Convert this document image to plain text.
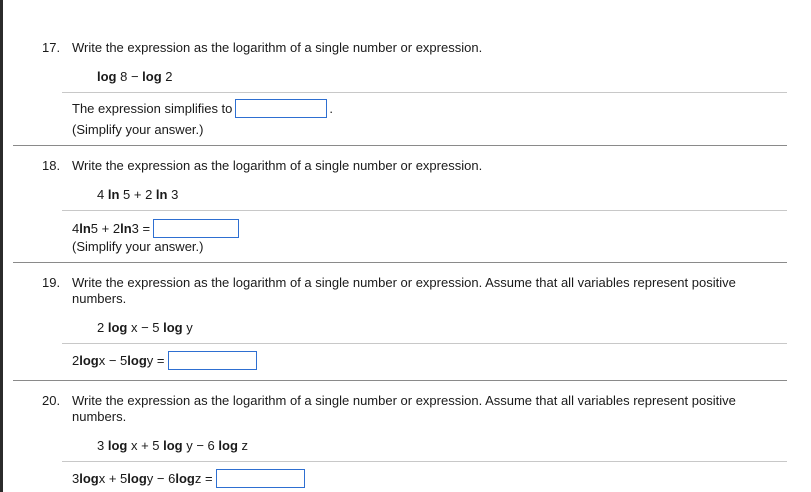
17. Write the expression as the logarithm of a single number or expression.
log 8 − log 2
The expression simplifies to	.
(Simplify your answer.)
18. Write the expression as the logarithm of a single number or expression.
4 ln 5 + 2 ln 3
4 ln 5 + 2 ln 3 =
(Simplify your answer.)
19. Write the expression as the logarithm of a single number or expression. Assume that all variables represent positive numbers.
2 log x − 5 log y
2 log x − 5 log y =
20. Write the expression as the logarithm of a single number or expression. Assume that all variables represent positive numbers.
3 log x + 5 log y − 6 log z
3 log x + 5 log y − 6 log z =
